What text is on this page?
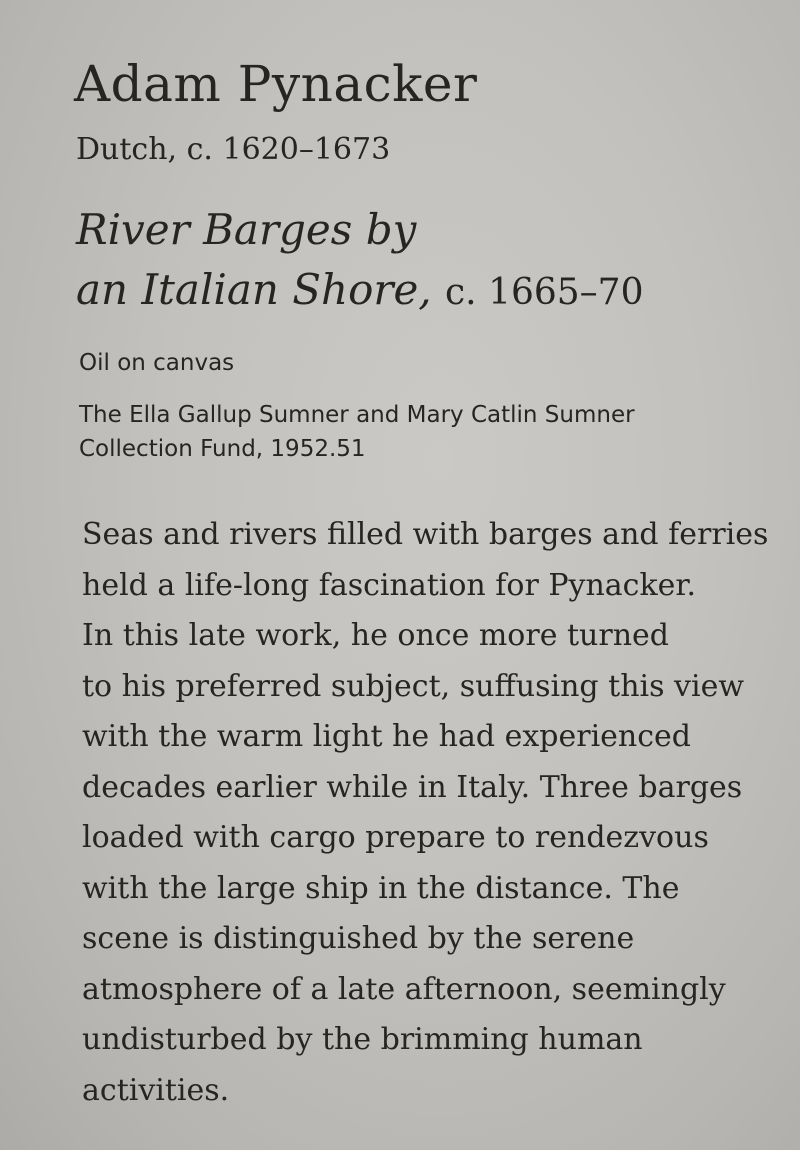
Adam Pynacker
Dutch, c. 1620–1673
River Barges by
an Italian Shore, c. 1665–70
Oil on canvas
The Ella Gallup Sumner and Mary Catlin Sumner
Collection Fund, 1952.51
Seas and rivers filled with barges and ferries
held a life-long fascination for Pynacker.
In this late work, he once more turned
to his preferred subject, suffusing this view
with the warm light he had experienced
decades earlier while in Italy. Three barges
loaded with cargo prepare to rendezvous
with the large ship in the distance. The
scene is distinguished by the serene
atmosphere of a late afternoon, seemingly
undisturbed by the brimming human
activities.
